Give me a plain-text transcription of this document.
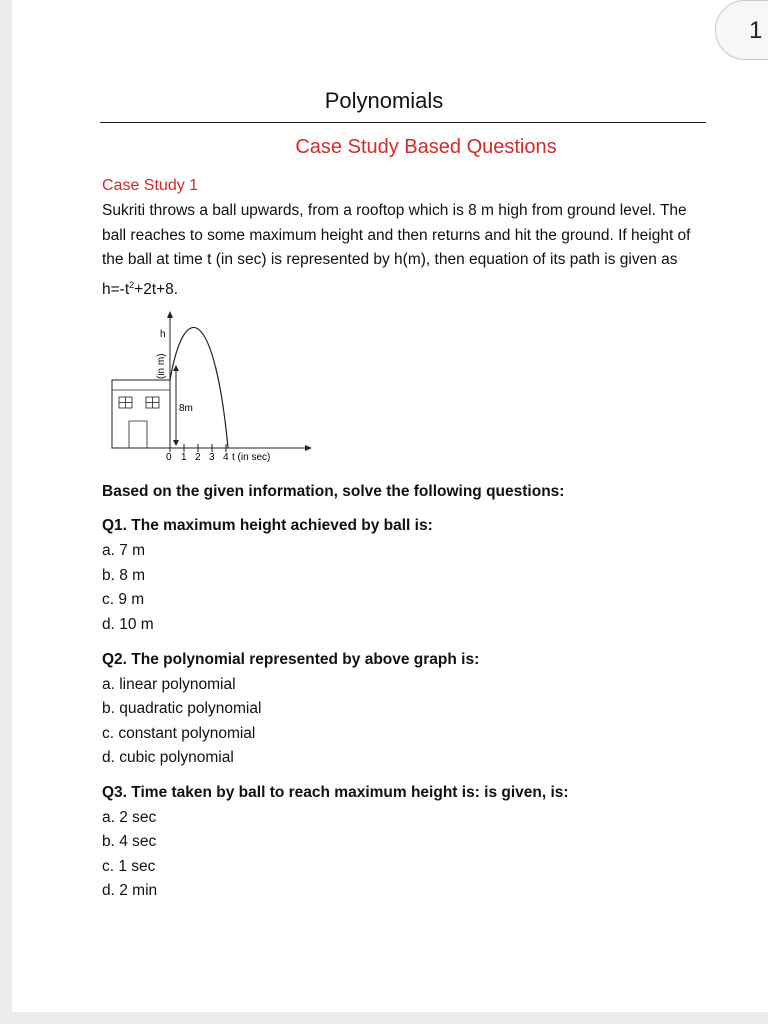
1
Polynomials
Case Study Based Questions
Case Study 1
Sukriti throws a ball upwards, from a rooftop which is 8 m high from ground level. The
ball reaches to some maximum height and then returns and hit the ground. If height of
the ball at time t (in sec) is represented by h(m), then equation of its path is given as
$h=-t^2+2t+8$.
8m
h
(in m)
0 1 2 3 4 t (in sec)
Based on the given information, solve the following questions:
Q1. The maximum height achieved by ball is:
a. 7 m
b. 8 m
c. 9 m
d. 10 m
Q2. The polynomial represented by above graph is:
a. linear polynomial
b. quadratic polynomial
c. constant polynomial
d. cubic polynomial
Q3. Time taken by ball to reach maximum height is: is given, is:
a. 2 sec
b. 4 sec
c. 1 sec
d. 2 min
